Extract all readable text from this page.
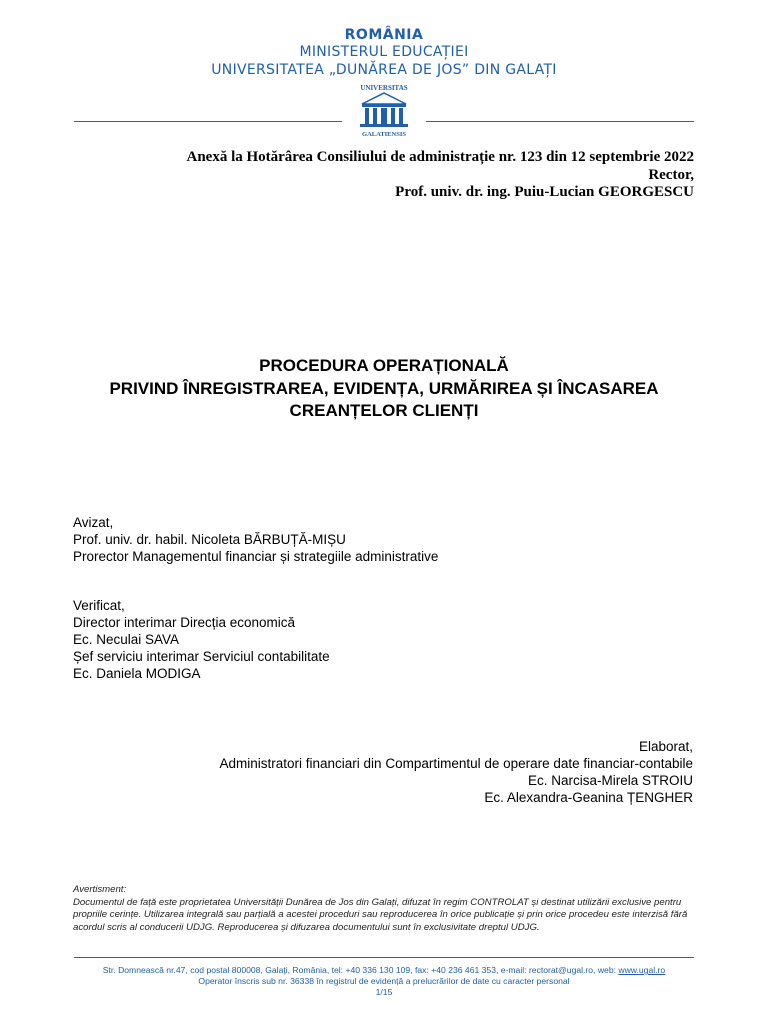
ROMÂNIA
MINISTERUL EDUCAȚIEI
UNIVERSITATEA „DUNĂREA DE JOS” DIN GALAȚI
UNIVERSITAS
GALATIENSIS
Anexă la Hotărârea Consiliului de administrație nr. 123 din 12 septembrie 2022
Rector,
Prof. univ. dr. ing. Puiu-Lucian GEORGESCU
PROCEDURA OPERAȚIONALĂ
PRIVIND ÎNREGISTRAREA, EVIDENȚA, URMĂRIREA ȘI ÎNCASAREA
CREANȚELOR CLIENȚI
Avizat,
Prof. univ. dr. habil. Nicoleta BĂRBUȚĂ-MIȘU
Prorector Managementul financiar și strategiile administrative
Verificat,
Director interimar Direcția economică
Ec. Neculai SAVA
Șef serviciu interimar Serviciul contabilitate
Ec. Daniela MODIGA
Elaborat,
Administratori financiari din Compartimentul de operare date financiar-contabile
Ec. Narcisa-Mirela STROIU
Ec. Alexandra-Geanina ȚENGHER
Avertisment:
Documentul de față este proprietatea Universității Dunărea de Jos din Galați, difuzat în regim CONTROLAT și destinat utilizării exclusive pentru propriile cerințe. Utilizarea integrală sau parțială a acestei proceduri sau reproducerea în orice publicație și prin orice procedeu este interzisă fără acordul scris al conducerii UDJG. Reproducerea și difuzarea documentului sunt în exclusivitate dreptul UDJG.
Str. Domnească nr.47, cod postal 800008, Galați, România, tel: +40 336 130 109, fax: +40 236 461 353, e-mail: rectorat@ugal.ro, web: www.ugal.ro
Operator înscris sub nr. 36338 în registrul de evidență a prelucrărilor de date cu caracter personal
1/15
